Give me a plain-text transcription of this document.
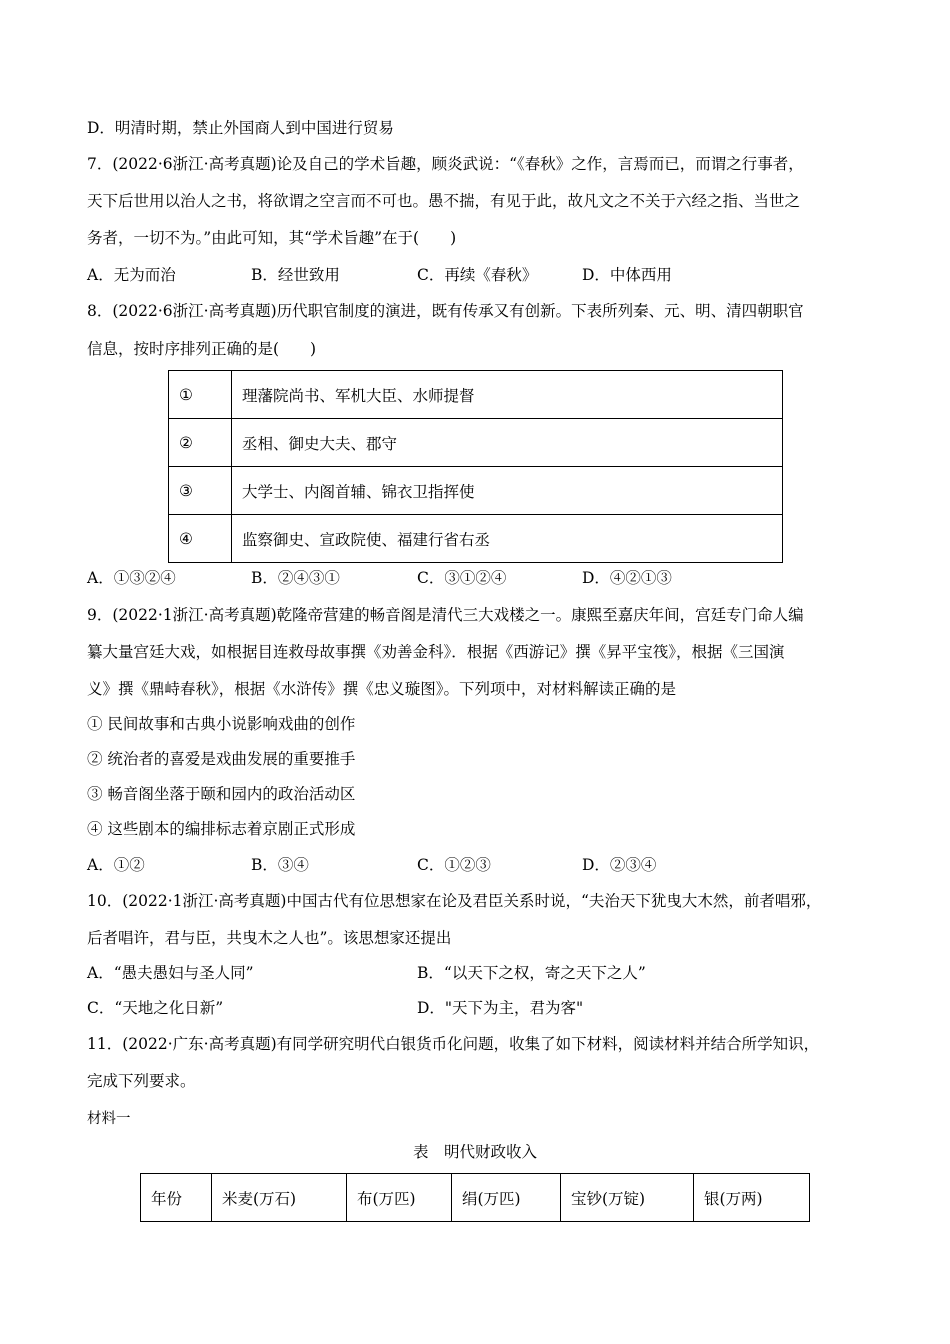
D．明清时期，禁止外国商人到中国进行贸易
7．(2022·6浙江·高考真题)论及自己的学术旨趣，顾炎武说：“《春秋》之作，言焉而已，而谓之行事者，
天下后世用以治人之书，将欲谓之空言而不可也。愚不揣，有见于此，故凡文之不关于六经之指、当世之
务者，一切不为。”由此可知，其“学术旨趣”在于(　　)
A．无为而治	B．经世致用	C．再续《春秋》	D．中体西用
8．(2022·6浙江·高考真题)历代职官制度的演进，既有传承又有创新。下表所列秦、元、明、清四朝职官
信息，按时序排列正确的是(　　)
①	理藩院尚书、军机大臣、水师提督
②	丞相、御史大夫、郡守
③	大学士、内阁首辅、锦衣卫指挥使
④	监察御史、宣政院使、福建行省右丞
A．①③②④	B．②④③①	C．③①②④	D．④②①③
9．(2022·1浙江·高考真题)乾隆帝营建的畅音阁是清代三大戏楼之一。康熙至嘉庆年间，宫廷专门命人编
纂大量宫廷大戏，如根据目连救母故事撰《劝善金科》．根据《西游记》撰《昇平宝筏》，根据《三国演
义》撰《鼎峙春秋》，根据《水浒传》撰《忠义璇图》。下列项中，对材料解读正确的是
① 民间故事和古典小说影响戏曲的创作
② 统治者的喜爱是戏曲发展的重要推手
③ 畅音阁坐落于颐和园内的政治活动区
④ 这些剧本的编排标志着京剧正式形成
A．①②	B．③④	C．①②③	D．②③④
10．(2022·1浙江·高考真题)中国古代有位思想家在论及君臣关系时说，“夫治天下犹曳大木然，前者唱邪，
后者唱许，君与臣，共曳木之人也”。该思想家还提出
A．“愚夫愚妇与圣人同”	B．“以天下之权，寄之天下之人”
C．“天地之化日新”	D．"天下为主，君为客"
11．(2022·广东·高考真题)有同学研究明代白银货币化问题，收集了如下材料，阅读材料并结合所学知识，
完成下列要求。
材料一
表　明代财政收入
年份	米麦(万石)	布(万匹)	绢(万匹)	宝钞(万锭)	银(万两)
